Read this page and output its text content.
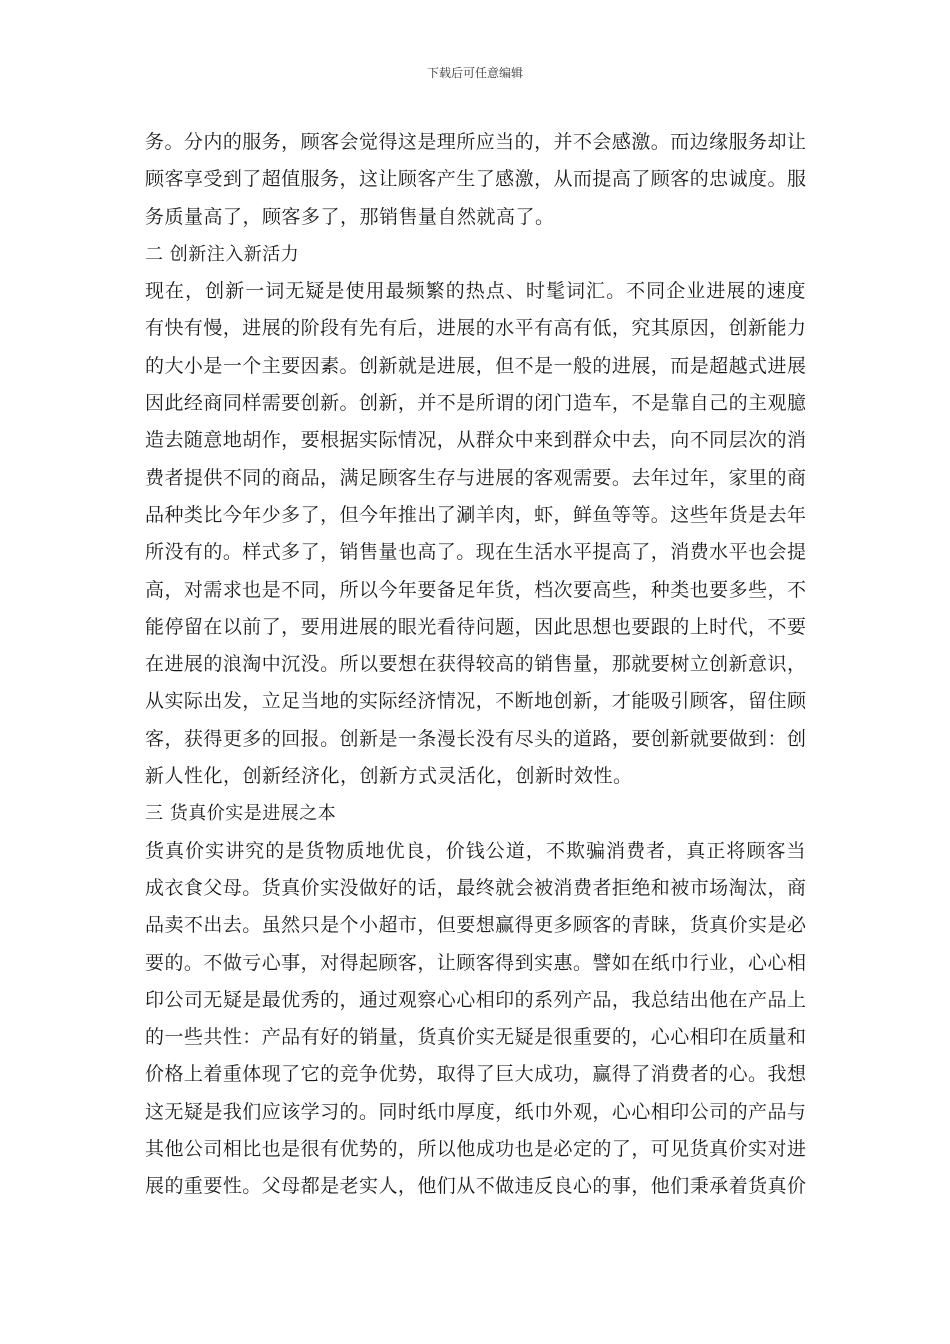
下载后可任意编辑
务 。 分 内 的 服 务 ， 顾 客 会 觉 得 这 是 理 所 应 当 的 ， 并 不 会 感 激 。 而 边 缘 服 务 却 让
顾 客 享 受 到 了 超 值 服 务 ， 这 让 顾 客 产 生 了 感 激 ， 从 而 提 高 了 顾 客 的 忠 诚 度 。 服
务质量高了，顾客多了，那销售量自然就高了。
二 创新注入新活力
现 在 ， 创 新 一 词 无 疑 是 使 用 最 频 繁 的 热 点 、 时 髦 词 汇 。 不 同 企 业 进 展 的 速 度
有 快 有 慢 ， 进 展 的 阶 段 有 先 有 后 ， 进 展 的 水 平 有 高 有 低 ， 究 其 原 因 ， 创 新 能 力
的 大 小 是 一 个 主 要 因 素 。 创 新 就 是 进 展 ， 但 不 是 一 般 的 进 展 ， 而 是 超 越 式 进 展
因 此 经 商 同 样 需 要 创 新 。 创 新 ， 并 不 是 所 谓 的 闭 门 造 车 ， 不 是 靠 自 己 的 主 观 臆
造 去 随 意 地 胡 作 ， 要 根 据 实 际 情 况 ， 从 群 众 中 来 到 群 众 中 去 ， 向 不 同 层 次 的 消
费 者 提 供 不 同 的 商 品 ， 满 足 顾 客 生 存 与 进 展 的 客 观 需 要 。 去 年 过 年 ， 家 里 的 商
品 种 类 比 今 年 少 多 了 ， 但 今 年 推 出 了 涮 羊 肉 ， 虾 ， 鲜 鱼 等 等 。 这 些 年 货 是 去 年
所 没 有 的 。 样 式 多 了 ， 销 售 量 也 高 了 。 现 在 生 活 水 平 提 高 了 ， 消 费 水 平 也 会 提
高 ， 对 需 求 也 是 不 同 ， 所 以 今 年 要 备 足 年 货 ， 档 次 要 高 些 ， 种 类 也 要 多 些 ， 不
能 停 留 在 以 前 了 ， 要 用 进 展 的 眼 光 看 待 问 题 ， 因 此 思 想 也 要 跟 的 上 时 代 ， 不 要
在 进 展 的 浪 淘 中 沉 没 。 所 以 要 想 在 获 得 较 高 的 销 售 量 ， 那 就 要 树 立 创 新 意 识 ，
从 实 际 出 发 ， 立 足 当 地 的 实 际 经 济 情 况 ， 不 断 地 创 新 ， 才 能 吸 引 顾 客 ， 留 住 顾
客 ， 获 得 更 多 的 回 报 。 创 新 是 一 条 漫 长 没 有 尽 头 的 道 路 ， 要 创 新 就 要 做 到 ： 创
新人性化，创新经济化，创新方式灵活化，创新时效性。
三 货真价实是进展之本
货 真 价 实 讲 究 的 是 货 物 质 地 优 良 ， 价 钱 公 道 ， 不 欺 骗 消 费 者 ， 真 正 将 顾 客 当
成 衣 食 父 母 。 货 真 价 实 没 做 好 的 话 ， 最 终 就 会 被 消 费 者 拒 绝 和 被 市 场 淘 汰 ， 商
品 卖 不 出 去 。 虽 然 只 是 个 小 超 市 ， 但 要 想 赢 得 更 多 顾 客 的 青 睐 ， 货 真 价 实 是 必
要 的 。 不 做 亏 心 事 ， 对 得 起 顾 客 ， 让 顾 客 得 到 实 惠 。 譬 如 在 纸 巾 行 业 ， 心 心 相
印 公 司 无 疑 是 最 优 秀 的 ， 通 过 观 察 心 心 相 印 的 系 列 产 品 ， 我 总 结 出 他 在 产 品 上
的 一 些 共 性 ： 产 品 有 好 的 销 量 ， 货 真 价 实 无 疑 是 很 重 要 的 ， 心 心 相 印 在 质 量 和
价 格 上 着 重 体 现 了 它 的 竞 争 优 势 ， 取 得 了 巨 大 成 功 ， 赢 得 了 消 费 者 的 心 。 我 想
这 无 疑 是 我 们 应 该 学 习 的 。 同 时 纸 巾 厚 度 ， 纸 巾 外 观 ， 心 心 相 印 公 司 的 产 品 与
其 他 公 司 相 比 也 是 很 有 优 势 的 ， 所 以 他 成 功 也 是 必 定 的 了 ， 可 见 货 真 价 实 对 进
展 的 重 要 性 。 父 母 都 是 老 实 人 ， 他 们 从 不 做 违 反 良 心 的 事 ， 他 们 秉 承 着 货 真 价
